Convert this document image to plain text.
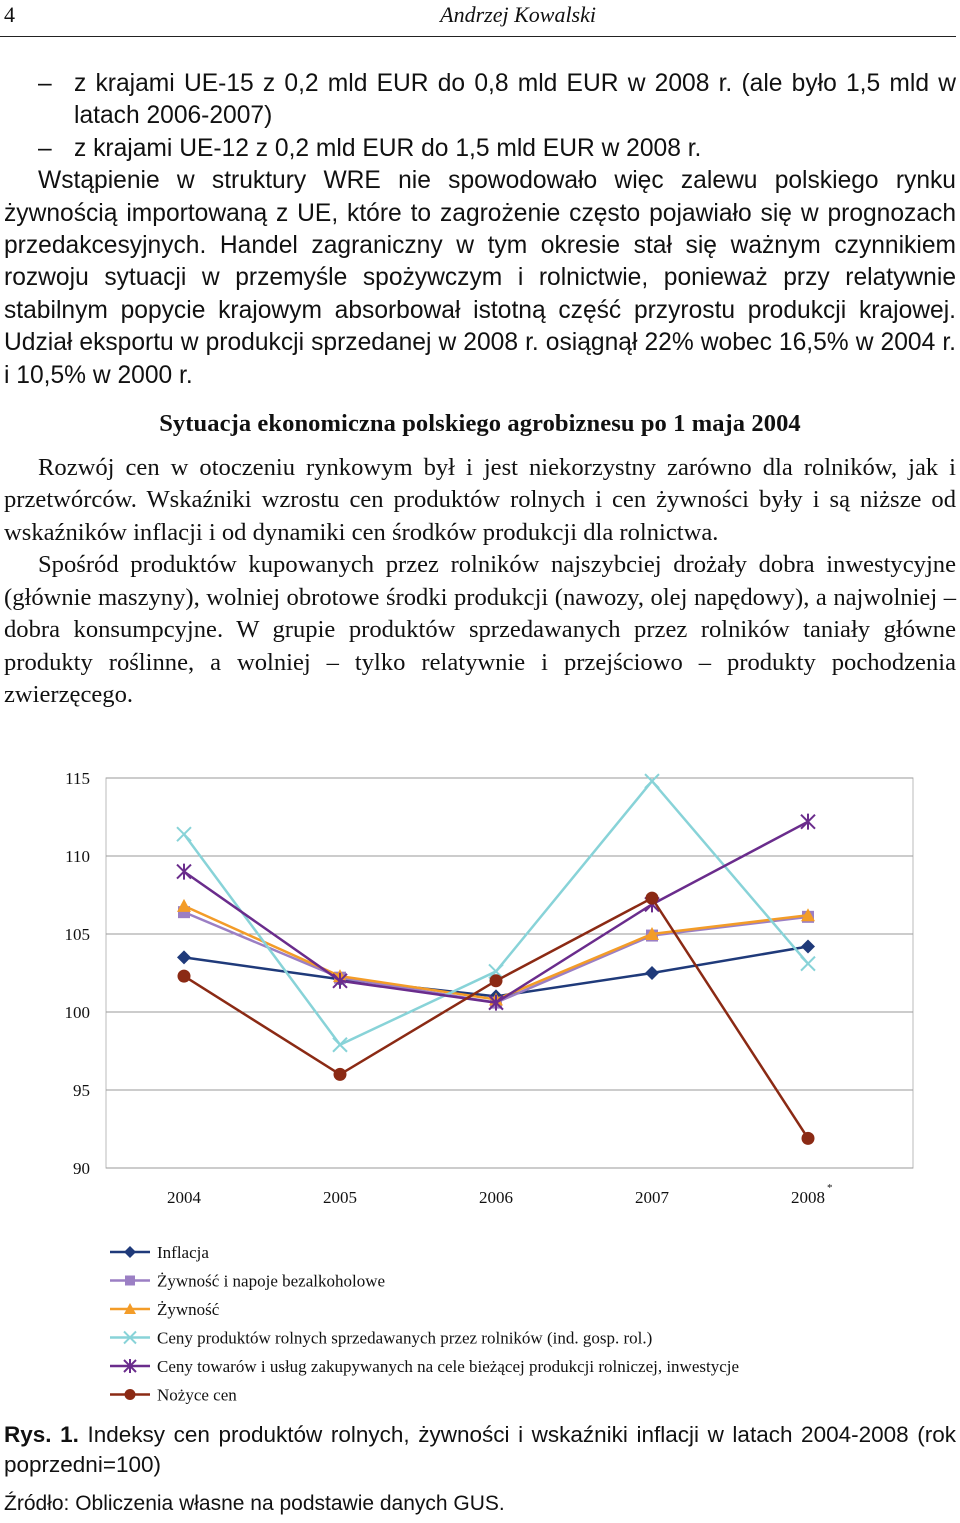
4	Andrzej Kowalski

– z krajami UE-15 z 0,2 mld EUR do 0,8 mld EUR w 2008 r. (ale było 1,5 mld w latach 2006-2007)

– z krajami UE-12 z 0,2 mld EUR do 1,5 mld EUR w 2008 r.

Wstąpienie w struktury WRE nie spowodowało więc zalewu polskiego rynku żywnością importowaną z UE, które to zagrożenie często pojawiało się w prognozach przedakcesyjnych. Handel zagraniczny w tym okresie stał się ważnym czynnikiem rozwoju sytuacji w przemyśle spożywczym i rolnictwie, ponieważ przy relatywnie stabilnym popycie krajowym absorbował istotną część przyrostu produkcji krajowej. Udział eksportu w produkcji sprzedanej w 2008 r. osiągnął 22% wobec 16,5% w 2004 r. i 10,5% w 2000 r.

Sytuacja ekonomiczna polskiego agrobiznesu po 1 maja 2004

Rozwój cen w otoczeniu rynkowym był i jest niekorzystny zarówno dla rolników, jak i przetwórców. Wskaźniki wzrostu cen produktów rolnych i cen żywności były i są niższe od wskaźników inflacji i od dynamiki cen środków produkcji dla rolnictwa.

Spośród produktów kupowanych przez rolników najszybciej drożały dobra inwestycyjne (głównie maszyny), wolniej obrotowe środki produkcji (nawozy, olej napędowy), a najwolniej – dobra konsumpcyjne. W grupie produktów sprzedawanych przez rolników taniały główne produkty roślinne, a wolniej – tylko relatywnie i przejściowo – produkty pochodzenia zwierzęcego.

115
110
105
100
95
90
2004	2005	2006	2007	2008 *
Inflacja
Żywność i napoje bezalkoholowe
Żywność
Ceny produktów rolnych sprzedawanych przez rolników (ind. gosp. rol.)
Ceny towarów i usług zakupywanych na cele bieżącej produkcji rolniczej, inwestycje
Nożyce cen
Rys. 1. Indeksy cen produktów rolnych, żywności i wskaźniki inflacji w latach 2004-2008 (rok poprzedni=100)
Źródło: Obliczenia własne na podstawie danych GUS.
